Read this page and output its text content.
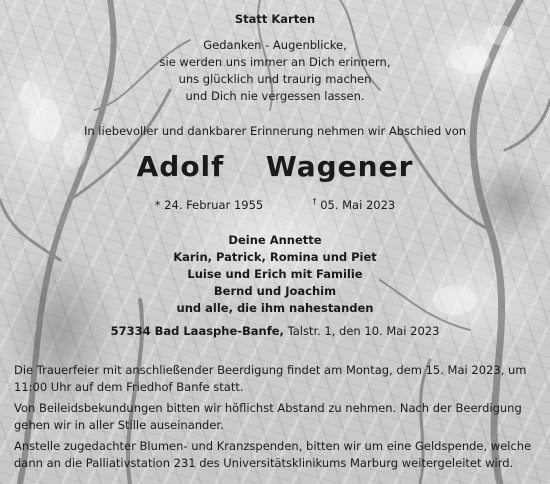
Statt Karten
Gedanken - Augenblicke,
sie werden uns immer an Dich erinnern,
uns glücklich und traurig machen
und Dich nie vergessen lassen.
In liebevoller und dankbarer Erinnerung nehmen wir Abschied von
Adolf  Wagener
* 24. Februar 1955	† 05. Mai 2023
Deine Annette
Karin, Patrick, Romina und Piet
Luise und Erich mit Familie
Bernd und Joachim
und alle, die ihm nahestanden
57334 Bad Laasphe-Banfe, Talstr. 1, den 10. Mai 2023

Die Trauerfeier mit anschließender Beerdigung findet am Montag, dem 15. Mai 2023, um 11:00 Uhr auf dem Friedhof Banfe statt.

Von Beileidsbekundungen bitten wir höflichst Abstand zu nehmen. Nach der Beerdigung gehen wir in aller Stille auseinander.

Anstelle zugedachter Blumen- und Kranzspenden, bitten wir um eine Geldspende, welche dann an die Palliativstation 231 des Universitätsklinikums Marburg weitergeleitet wird.
